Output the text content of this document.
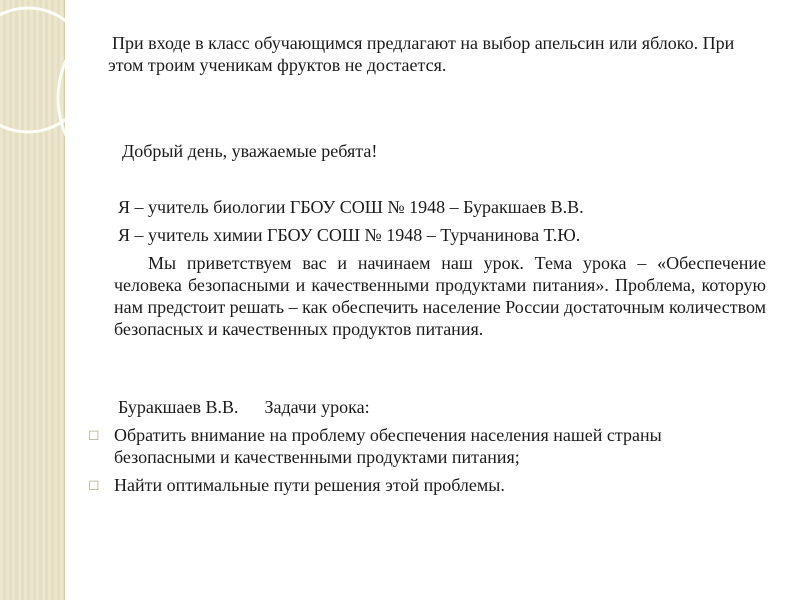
При входе в класс обучающимся предлагают на выбор апельсин или яблоко. При этом троим ученикам фруктов не достается.

Добрый день, уважаемые ребята!

Я – учитель биологии ГБОУ СОШ № 1948 – Буракшаев В.В.

Я – учитель химии ГБОУ СОШ № 1948 – Турчанинова Т.Ю.

Мы приветствуем вас и начинаем наш урок. Тема урока – «Обеспечение человека безопасными и качественными продуктами питания». Проблема, которую нам предстоит решать – как обеспечить население России достаточным количеством безопасных и качественных продуктов питания.

Буракшаев В.В. Задачи урока:

◻ Обратить внимание на проблему обеспечения населения нашей страны безопасными и качественными продуктами питания;

◻ Найти оптимальные пути решения этой проблемы.
